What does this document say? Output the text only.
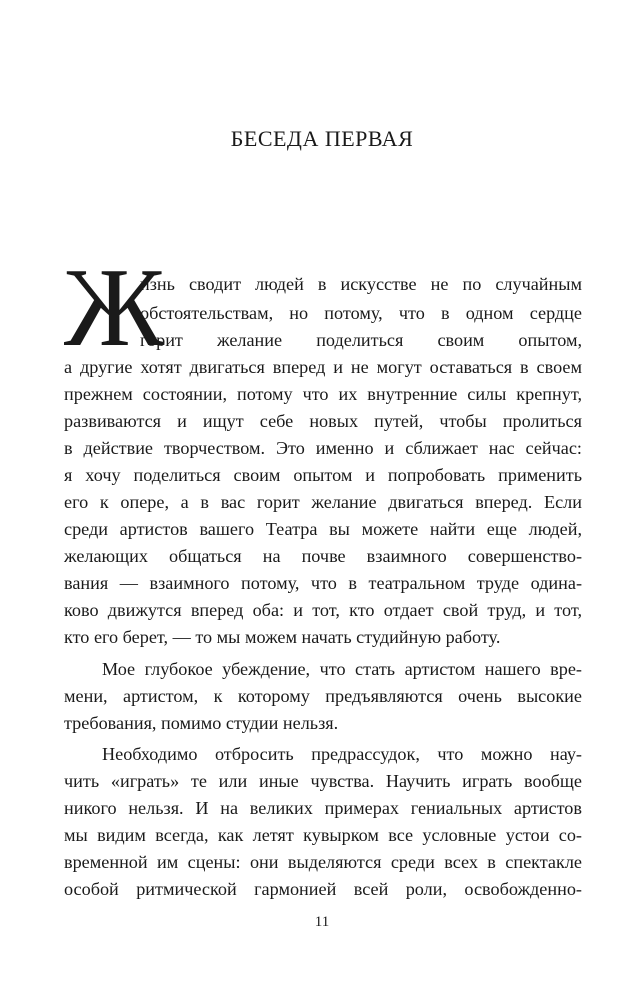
БЕСЕДА ПЕРВАЯ
Ж
изнь сводит людей в искусстве не по случайным
обстоятельствам, но потому, что в одном сердце
горит желание поделиться своим опытом,
а другие хотят двигаться вперед и не могут оставаться в своем
прежнем состоянии, потому что их внутренние силы крепнут,
развиваются и ищут себе новых путей, чтобы пролиться
в действие творчеством. Это именно и сближает нас сейчас:
я хочу поделиться своим опытом и попробовать применить
его к опере, а в вас горит желание двигаться вперед. Если
среди артистов вашего Театра вы можете найти еще людей,
желающих общаться на почве взаимного совершенство-
вания — взаимного потому, что в театральном труде одина-
ково движутся вперед оба: и тот, кто отдает свой труд, и тот,
кто его берет, — то мы можем начать студийную работу.
Мое глубокое убеждение, что стать артистом нашего вре-
мени, артистом, к которому предъявляются очень высокие
требования, помимо студии нельзя.
Необходимо отбросить предрассудок, что можно нау-
чить «играть» те или иные чувства. Научить играть вообще
никого нельзя. И на великих примерах гениальных артистов
мы видим всегда, как летят кувырком все условные устои со-
временной им сцены: они выделяются среди всех в спектакле
особой ритмической гармонией всей роли, освобожденно-
11
